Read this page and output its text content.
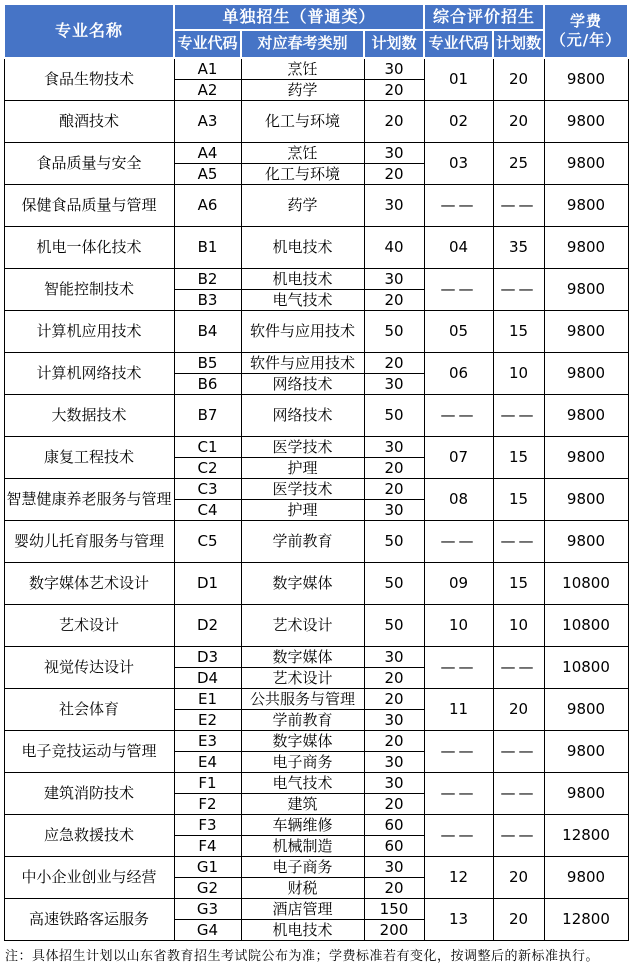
专业名称	单独招生（普通类）			综合评价招生		学费
（元/年）
	专业代码	对应春考类别	计划数	专业代码	计划数	
食品生物技术	A1	烹饪	30	01	20	9800
	A2	药学	20			
酿酒技术	A3	化工与环境	20	02	20	9800
食品质量与安全	A4	烹饪	30	03	25	9800
	A5	化工与环境	20			
保健食品质量与管理	A6	药学	30	——	——	9800
机电一体化技术	B1	机电技术	40	04	35	9800
智能控制技术	B2	机电技术	30	——	——	9800
	B3	电气技术	20			
计算机应用技术	B4	软件与应用技术	50	05	15	9800
计算机网络技术	B5	软件与应用技术	20	06	10	9800
	B6	网络技术	30			
大数据技术	B7	网络技术	50	——	——	9800
康复工程技术	C1	医学技术	30	07	15	9800
	C2	护理	20			
智慧健康养老服务与管理	C3	医学技术	20	08	15	9800
	C4	护理	30			
婴幼儿托育服务与管理	C5	学前教育	50	——	——	9800
数字媒体艺术设计	D1	数字媒体	50	09	15	10800
艺术设计	D2	艺术设计	50	10	10	10800
视觉传达设计	D3	数字媒体	30	——	——	10800
	D4	艺术设计	20			
社会体育	E1	公共服务与管理	20	11	20	9800
	E2	学前教育	30			
电子竞技运动与管理	E3	数字媒体	20	——	——	9800
	E4	电子商务	30			
建筑消防技术	F1	电气技术	30	——	——	9800
	F2	建筑	20			
应急救援技术	F3	车辆维修	60	——	——	12800
	F4	机械制造	60			
中小企业创业与经营	G1	电子商务	30	12	20	9800
	G2	财税	20			
高速铁路客运服务	G3	酒店管理	150	13	20	12800
	G4	机电技术	200			
注：具体招生计划以山东省教育招生考试院公布为准；学费标准若有变化，按调整后的新标准执行。
